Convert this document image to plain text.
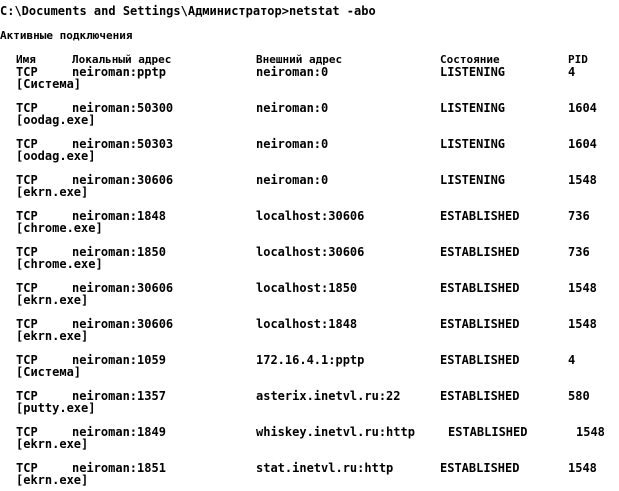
C:\Documents and Settings\Администратор>netstat -abo
Активные подключения
Имя	Локальный адрес	Внешний адрес	Состояние	PID
TCP	neiroman:pptp	neiroman:0	LISTENING	4
[Система]
TCP	neiroman:50300	neiroman:0	LISTENING	1604
[oodag.exe]
TCP	neiroman:50303	neiroman:0	LISTENING	1604
[oodag.exe]
TCP	neiroman:30606	neiroman:0	LISTENING	1548
[ekrn.exe]
TCP	neiroman:1848	localhost:30606	ESTABLISHED	736
[chrome.exe]
TCP	neiroman:1850	localhost:30606	ESTABLISHED	736
[chrome.exe]
TCP	neiroman:30606	localhost:1850	ESTABLISHED	1548
[ekrn.exe]
TCP	neiroman:30606	localhost:1848	ESTABLISHED	1548
[ekrn.exe]
TCP	neiroman:1059	172.16.4.1:pptp	ESTABLISHED	4
[Система]
TCP	neiroman:1357	asterix.inetvl.ru:22	ESTABLISHED	580
[putty.exe]
TCP	neiroman:1849	whiskey.inetvl.ru:http	ESTABLISHED	1548
[ekrn.exe]
TCP	neiroman:1851	stat.inetvl.ru:http	ESTABLISHED	1548
[ekrn.exe]
